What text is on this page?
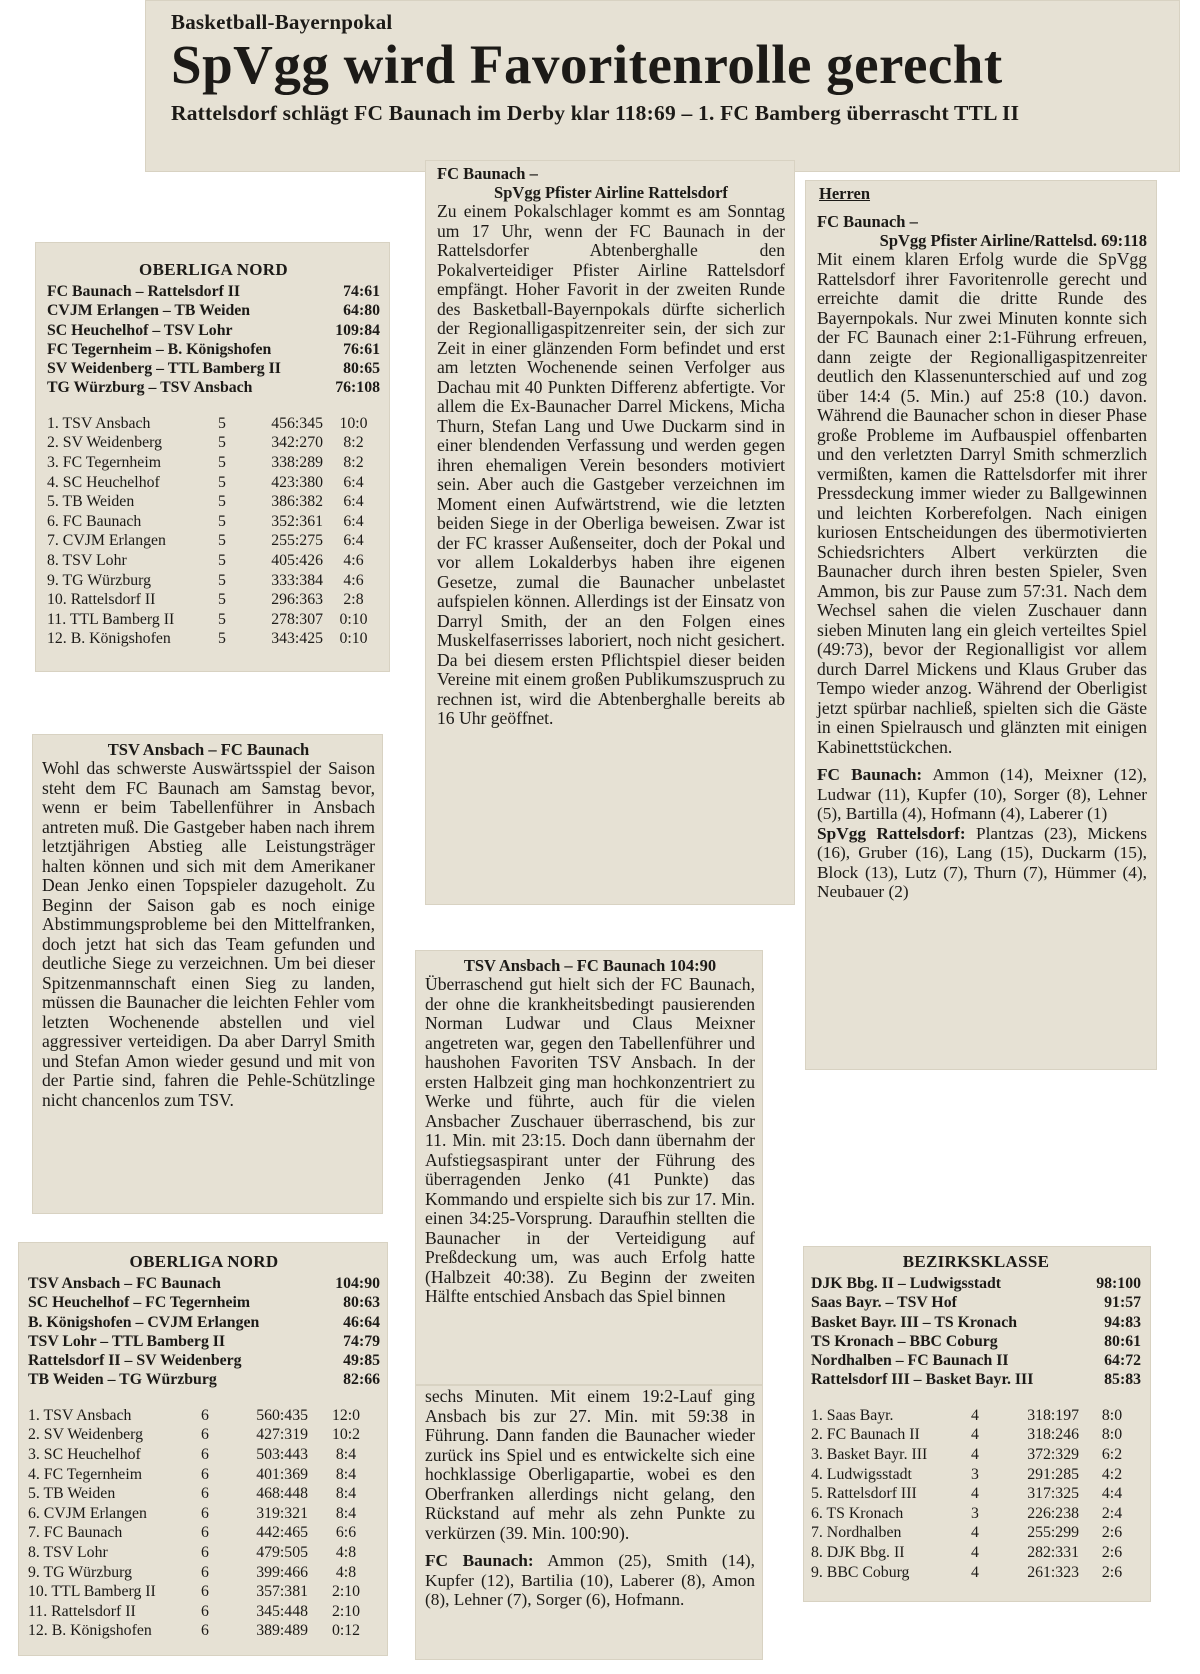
Basketball-Bayernpokal
SpVgg wird Favoritenrolle gerecht
Rattelsdorf schlägt FC Baunach im Derby klar 118:69 – 1. FC Bamberg überrascht TTL II
OBERLIGA NORD
FC Baunach – Rattelsdorf II	74:61
CVJM Erlangen – TB Weiden	64:80
SC Heuchelhof – TSV Lohr	109:84
FC Tegernheim – B. Königshofen	76:61
SV Weidenberg – TTL Bamberg II	80:65
TG Würzburg – TSV Ansbach	76:108
1. TSV Ansbach	5	456:345	10:0
2. SV Weidenberg	5	342:270	8:2
3. FC Tegernheim	5	338:289	8:2
4. SC Heuchelhof	5	423:380	6:4
5. TB Weiden	5	386:382	6:4
6. FC Baunach	5	352:361	6:4
7. CVJM Erlangen	5	255:275	6:4
8. TSV Lohr	5	405:426	4:6
9. TG Würzburg	5	333:384	4:6
10. Rattelsdorf II	5	296:363	2:8
11. TTL Bamberg II	5	278:307	0:10
12. B. Königshofen	5	343:425	0:10
TSV Ansbach – FC Baunach
Wohl das schwerste Auswärtsspiel der Saison steht dem FC Baunach am Samstag bevor, wenn er beim Tabellenführer in Ansbach antreten muß. Die Gastgeber haben nach ihrem letztjährigen Abstieg alle Leistungsträger halten können und sich mit dem Amerikaner Dean Jenko einen Topspieler dazugeholt. Zu Beginn der Saison gab es noch einige Abstimmungsprobleme bei den Mittelfranken, doch jetzt hat sich das Team gefunden und deutliche Siege zu verzeichnen. Um bei dieser Spitzenmannschaft einen Sieg zu landen, müssen die Baunacher die leichten Fehler vom letzten Wochenende abstellen und viel aggressiver verteidigen. Da aber Darryl Smith und Stefan Amon wieder gesund und mit von der Partie sind, fahren die Pehle-Schützlinge nicht chancenlos zum TSV.
OBERLIGA NORD
TSV Ansbach – FC Baunach	104:90
SC Heuchelhof – FC Tegernheim	80:63
B. Königshofen – CVJM Erlangen	46:64
TSV Lohr – TTL Bamberg II	74:79
Rattelsdorf II – SV Weidenberg	49:85
TB Weiden – TG Würzburg	82:66
1. TSV Ansbach	6	560:435	12:0
2. SV Weidenberg	6	427:319	10:2
3. SC Heuchelhof	6	503:443	8:4
4. FC Tegernheim	6	401:369	8:4
5. TB Weiden	6	468:448	8:4
6. CVJM Erlangen	6	319:321	8:4
7. FC Baunach	6	442:465	6:6
8. TSV Lohr	6	479:505	4:8
9. TG Würzburg	6	399:466	4:8
10. TTL Bamberg II	6	357:381	2:10
11. Rattelsdorf II	6	345:448	2:10
12. B. Königshofen	6	389:489	0:12
FC Baunach –
SpVgg Pfister Airline Rattelsdorf
Zu einem Pokalschlager kommt es am Sonntag um 17 Uhr, wenn der FC Baunach in der Rattelsdorfer Abtenberghalle den Pokalverteidiger Pfister Airline Rattelsdorf empfängt. Hoher Favorit in der zweiten Runde des Basketball-Bayernpokals dürfte sicherlich der Regionalligaspitzenreiter sein, der sich zur Zeit in einer glänzenden Form befindet und erst am letzten Wochenende seinen Verfolger aus Dachau mit 40 Punkten Differenz abfertigte. Vor allem die Ex-Baunacher Darrel Mickens, Micha Thurn, Stefan Lang und Uwe Duckarm sind in einer blendenden Verfassung und werden gegen ihren ehemaligen Verein besonders motiviert sein. Aber auch die Gastgeber verzeichnen im Moment einen Aufwärtstrend, wie die letzten beiden Siege in der Oberliga beweisen. Zwar ist der FC krasser Außenseiter, doch der Pokal und vor allem Lokalderbys haben ihre eigenen Gesetze, zumal die Baunacher unbelastet aufspielen können. Allerdings ist der Einsatz von Darryl Smith, der an den Folgen eines Muskelfaserrisses laboriert, noch nicht gesichert. Da bei diesem ersten Pflichtspiel dieser beiden Vereine mit einem großen Publikumszuspruch zu rechnen ist, wird die Abtenberghalle bereits ab 16 Uhr geöffnet.
TSV Ansbach – FC Baunach 104:90
Überraschend gut hielt sich der FC Baunach, der ohne die krankheitsbedingt pausierenden Norman Ludwar und Claus Meixner angetreten war, gegen den Tabellenführer und haushohen Favoriten TSV Ansbach. In der ersten Halbzeit ging man hochkonzentriert zu Werke und führte, auch für die vielen Ansbacher Zuschauer überraschend, bis zur 11. Min. mit 23:15. Doch dann übernahm der Aufstiegsaspirant unter der Führung des überragenden Jenko (41 Punkte) das Kommando und erspielte sich bis zur 17. Min. einen 34:25-Vorsprung. Daraufhin stellten die Baunacher in der Verteidigung auf Preßdeckung um, was auch Erfolg hatte (Halbzeit 40:38). Zu Beginn der zweiten Hälfte entschied Ansbach das Spiel binnen
sechs Minuten. Mit einem 19:2-Lauf ging Ansbach bis zur 27. Min. mit 59:38 in Führung. Dann fanden die Baunacher wieder zurück ins Spiel und es entwickelte sich eine hochklassige Oberligapartie, wobei es den Oberfranken allerdings nicht gelang, den Rückstand auf mehr als zehn Punkte zu verkürzen (39. Min. 100:90).
FC Baunach: Ammon (25), Smith (14), Kupfer (12), Bartilia (10), Laberer (8), Amon (8), Lehner (7), Sorger (6), Hofmann.
Herren
FC Baunach –
SpVgg Pfister Airline/Rattelsd. 69:118
Mit einem klaren Erfolg wurde die SpVgg Rattelsdorf ihrer Favoritenrolle gerecht und erreichte damit die dritte Runde des Bayernpokals. Nur zwei Minuten konnte sich der FC Baunach einer 2:1-Führung erfreuen, dann zeigte der Regionalligaspitzenreiter deutlich den Klassenunterschied auf und zog über 14:4 (5. Min.) auf 25:8 (10.) davon. Während die Baunacher schon in dieser Phase große Probleme im Aufbauspiel offenbarten und den verletzten Darryl Smith schmerzlich vermißten, kamen die Rattelsdorfer mit ihrer Pressdeckung immer wieder zu Ballgewinnen und leichten Korberefolgen. Nach einigen kuriosen Entscheidungen des übermotivierten Schiedsrichters Albert verkürzten die Baunacher durch ihren besten Spieler, Sven Ammon, bis zur Pause zum 57:31. Nach dem Wechsel sahen die vielen Zuschauer dann sieben Minuten lang ein gleich verteiltes Spiel (49:73), bevor der Regionalligist vor allem durch Darrel Mickens und Klaus Gruber das Tempo wieder anzog. Während der Oberligist jetzt spürbar nachließ, spielten sich die Gäste in einen Spielrausch und glänzten mit einigen Kabinettstückchen.
FC Baunach: Ammon (14), Meixner (12), Ludwar (11), Kupfer (10), Sorger (8), Lehner (5), Bartilla (4), Hofmann (4), Laberer (1)
SpVgg Rattelsdorf: Plantzas (23), Mickens (16), Gruber (16), Lang (15), Duckarm (15), Block (13), Lutz (7), Thurn (7), Hümmer (4), Neubauer (2)
BEZIRKSKLASSE
DJK Bbg. II – Ludwigsstadt	98:100
Saas Bayr. – TSV Hof	91:57
Basket Bayr. III – TS Kronach	94:83
TS Kronach – BBC Coburg	80:61
Nordhalben – FC Baunach II	64:72
Rattelsdorf III – Basket Bayr. III	85:83
1. Saas Bayr.	4	318:197	8:0
2. FC Baunach II	4	318:246	8:0
3. Basket Bayr. III	4	372:329	6:2
4. Ludwigsstadt	3	291:285	4:2
5. Rattelsdorf III	4	317:325	4:4
6. TS Kronach	3	226:238	2:4
7. Nordhalben	4	255:299	2:6
8. DJK Bbg. II	4	282:331	2:6
9. BBC Coburg	4	261:323	2:6
